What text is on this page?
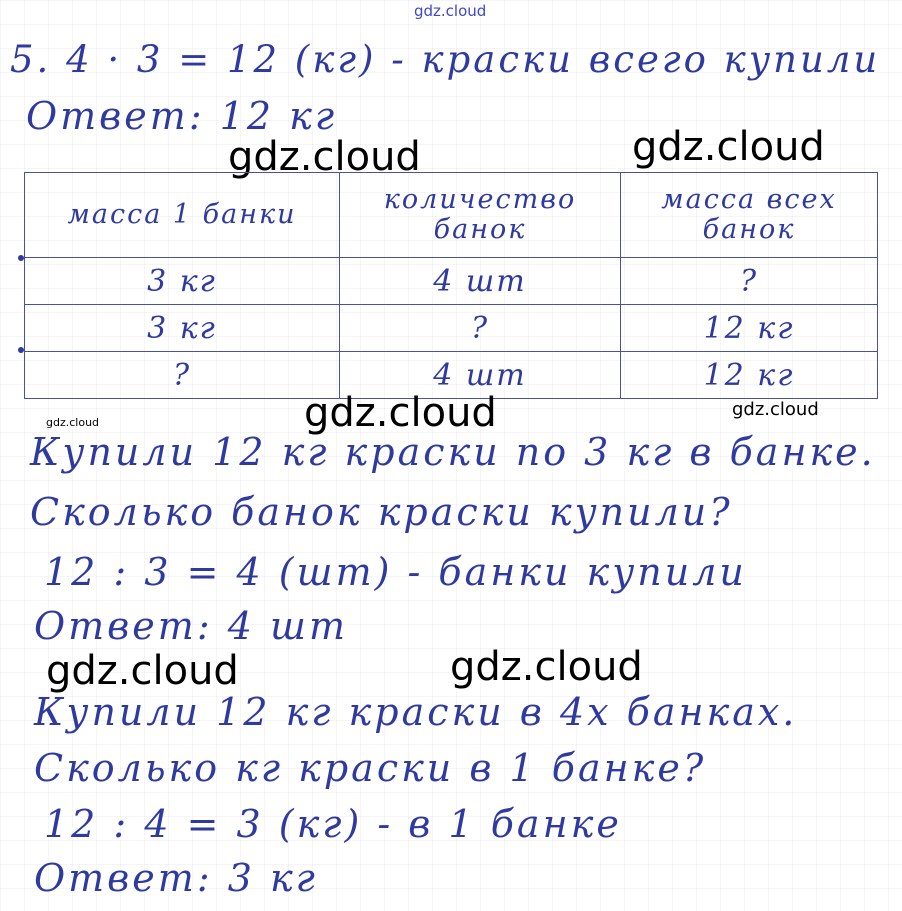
gdz.cloud
5. 4 · 3 = 12 (кг) - краски всего купили
Ответ: 12 кг
gdz.cloud	gdz.cloud
масса 1 банки	количество банок	масса всех банок

3 кг	4 шт	?
3 кг	?	12 кг
?	4 шт	12 кг
gdz.cloud	gdz.cloud	gdz.cloud
Купили 12 кг краски по 3 кг в банке.
Сколько банок краски купили?
12 : 3 = 4 (шт) - банки купили
Ответ: 4 шт
gdz.cloud	gdz.cloud
Купили 12 кг краски в 4х банках.
Сколько кг краски в 1 банке?
12 : 4 = 3 (кг) - в 1 банке
Ответ: 3 кг
